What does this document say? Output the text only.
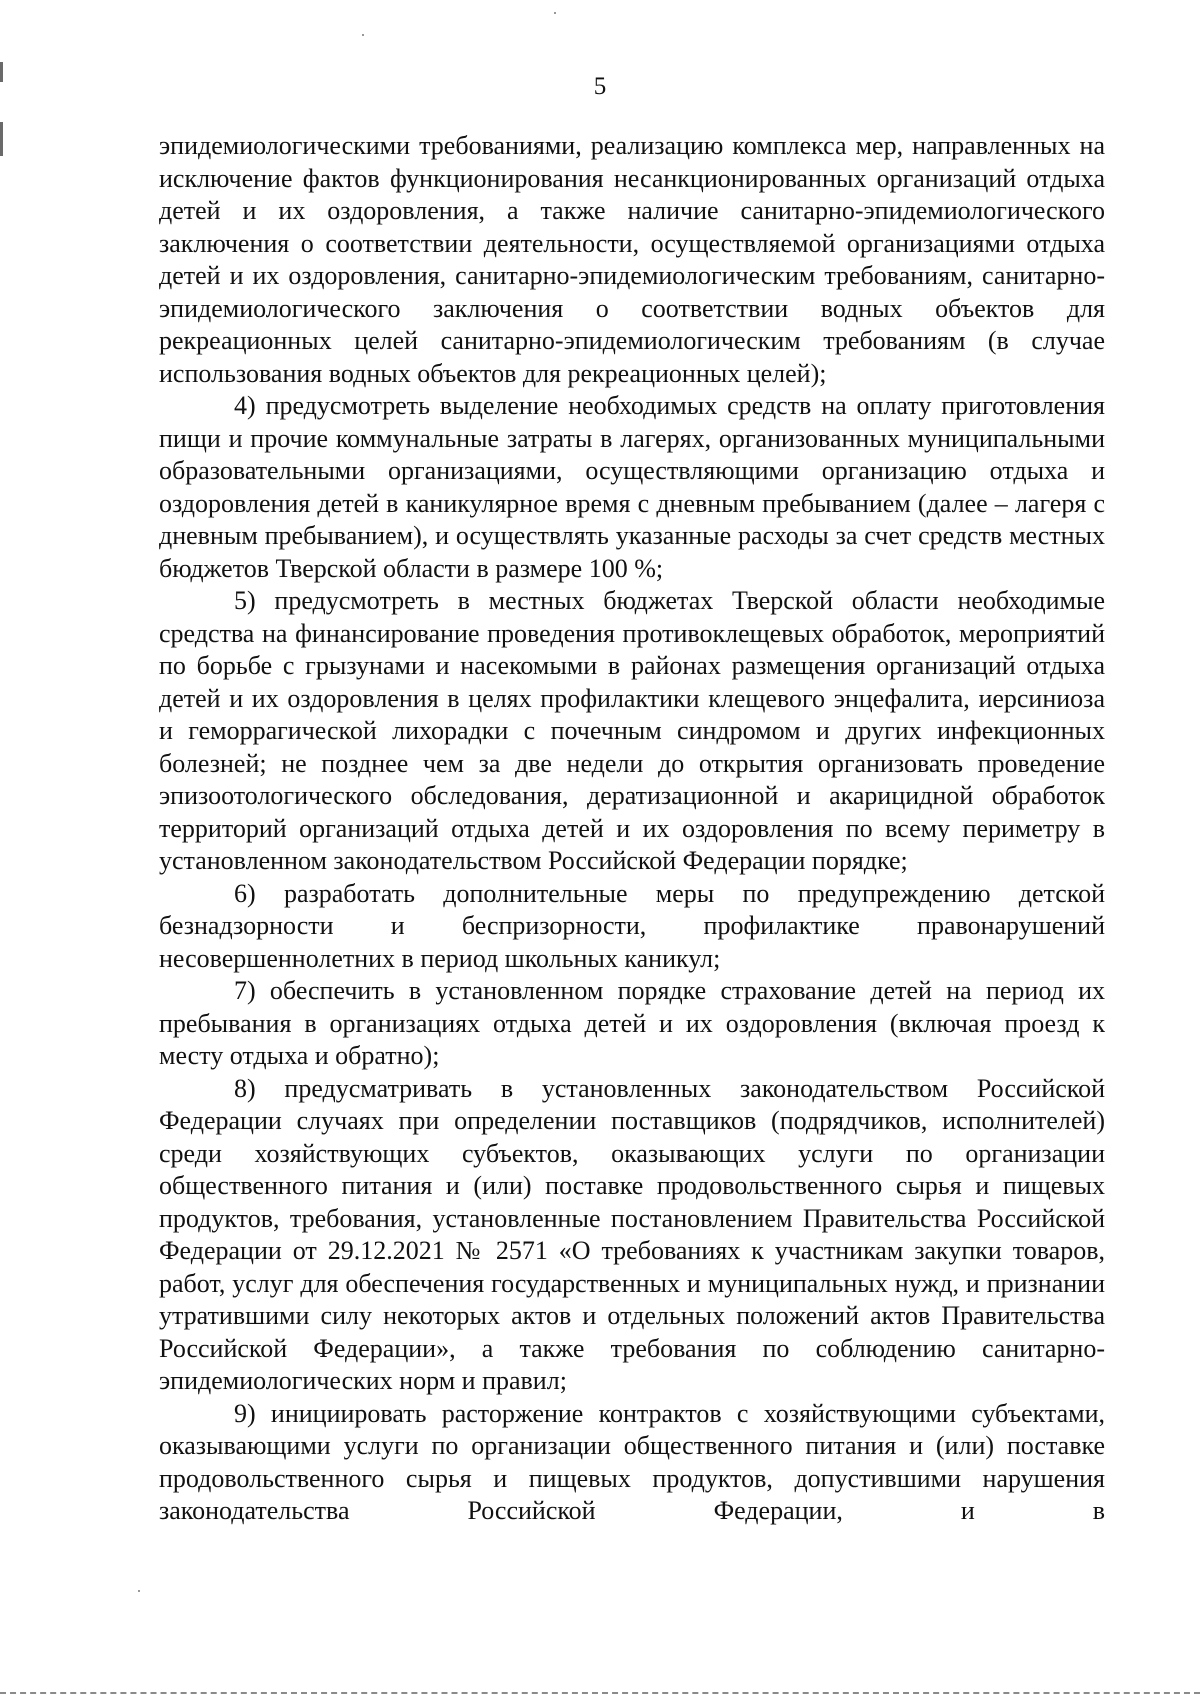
5

эпидемиологическими требованиями, реализацию комплекса мер, направленных на исключение фактов функционирования несанкционированных организаций отдыха детей и их оздоровления, а также наличие санитарно-эпидемиологического заключения о соответствии деятельности, осуществляемой организациями отдыха детей и их оздоровления, санитарно-эпидемиологическим требованиям, санитарно-эпидемиологического заключения о соответствии водных объектов для рекреационных целей санитарно-эпидемиологическим требованиям (в случае использования водных объектов для рекреационных целей);

4) предусмотреть выделение необходимых средств на оплату приготовления пищи и прочие коммунальные затраты в лагерях, организованных муниципальными образовательными организациями, осуществляющими организацию отдыха и оздоровления детей в каникулярное время с дневным пребыванием (далее – лагеря с дневным пребыванием), и осуществлять указанные расходы за счет средств местных бюджетов Тверской области в размере 100 %;

5) предусмотреть в местных бюджетах Тверской области необходимые средства на финансирование проведения противоклещевых обработок, мероприятий по борьбе с грызунами и насекомыми в районах размещения организаций отдыха детей и их оздоровления в целях профилактики клещевого энцефалита, иерсиниоза и геморрагической лихорадки с почечным синдромом и других инфекционных болезней; не позднее чем за две недели до открытия организовать проведение эпизоотологического обследования, дератизационной и акарицидной обработок территорий организаций отдыха детей и их оздоровления по всему периметру в установленном законодательством Российской Федерации порядке;

6) разработать дополнительные меры по предупреждению детской безнадзорности и беспризорности, профилактике правонарушений несовершеннолетних в период школьных каникул;

7) обеспечить в установленном порядке страхование детей на период их пребывания в организациях отдыха детей и их оздоровления (включая проезд к месту отдыха и обратно);

8) предусматривать в установленных законодательством Российской Федерации случаях при определении поставщиков (подрядчиков, исполнителей) среди хозяйствующих субъектов, оказывающих услуги по организации общественного питания и (или) поставке продовольственного сырья и пищевых продуктов, требования, установленные постановлением Правительства Российской Федерации от 29.12.2021 № 2571 «О требованиях к участникам закупки товаров, работ, услуг для обеспечения государственных и муниципальных нужд, и признании утратившими силу некоторых актов и отдельных положений актов Правительства Российской Федерации», а также требования по соблюдению санитарно-эпидемиологических норм и правил;

9) инициировать расторжение контрактов с хозяйствующими субъектами, оказывающими услуги по организации общественного питания и (или) поставке продовольственного сырья и пищевых продуктов, допустившими нарушения законодательства Российской Федерации, и в
